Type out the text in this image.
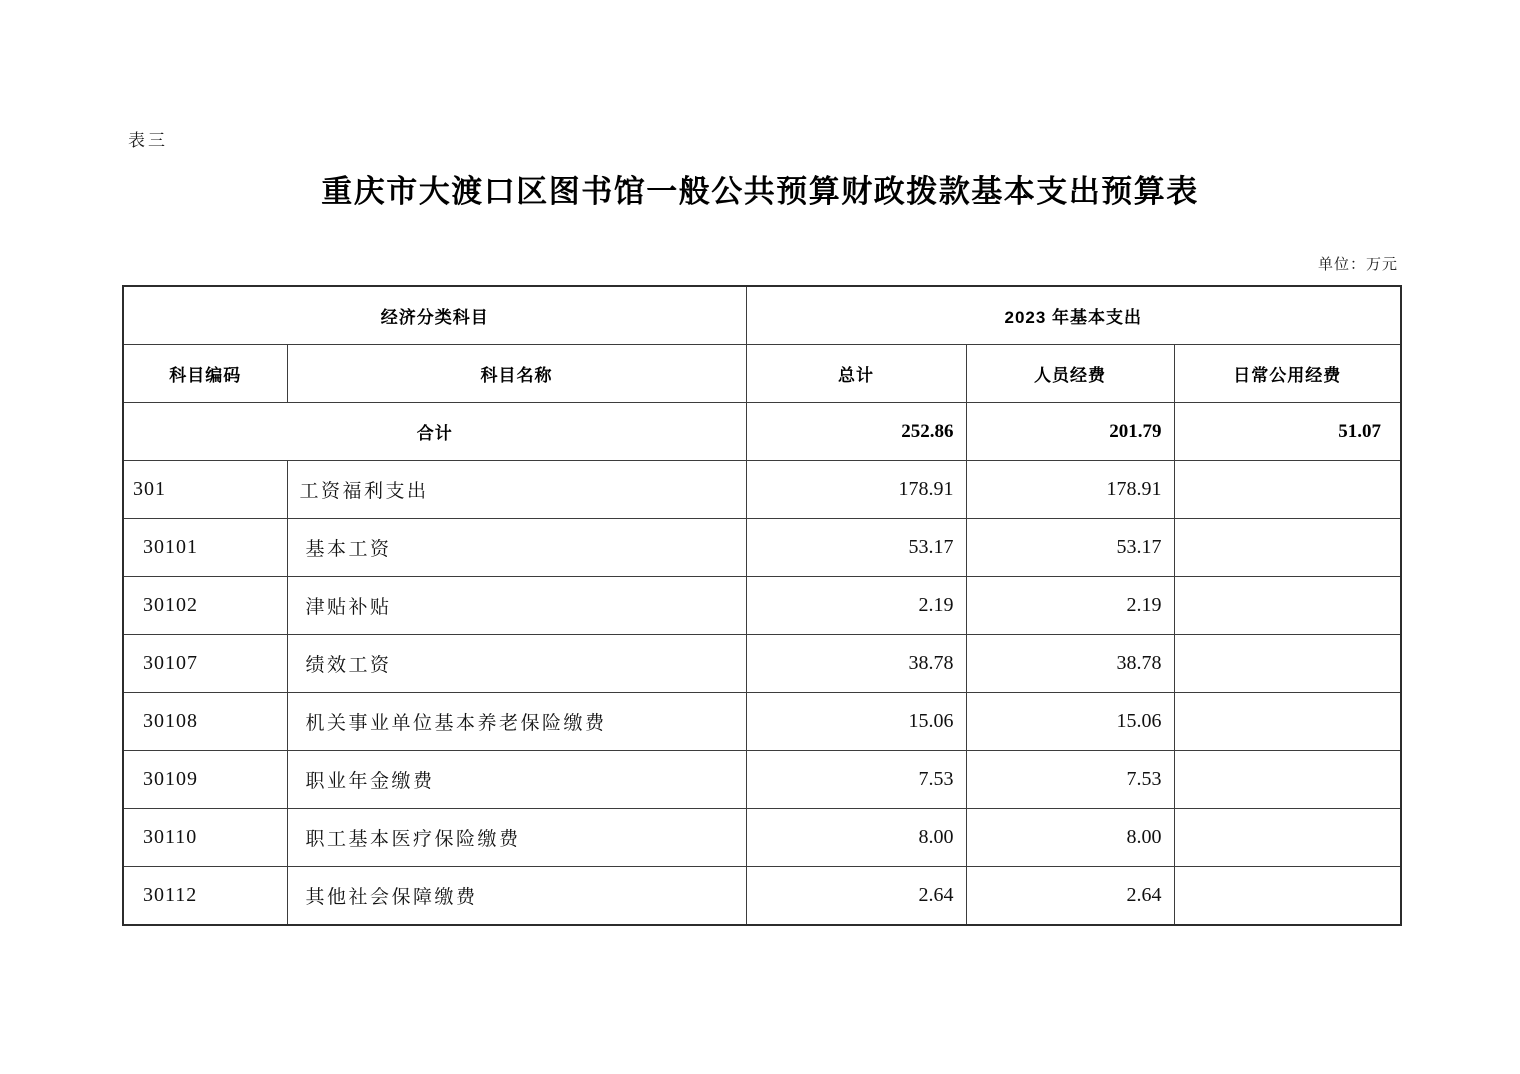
表三
重庆市大渡口区图书馆一般公共预算财政拨款基本支出预算表
单位：万元
经济分类科目		2023 年基本支出		
科目编码	科目名称	总计	人员经费	日常公用经费
合计		252.86	201.79	51.07
301	工资福利支出	178.91	178.91	
30101	基本工资	53.17	53.17	
30102	津贴补贴	2.19	2.19	
30107	绩效工资	38.78	38.78	
30108	机关事业单位基本养老保险缴费	15.06	15.06	
30109	职业年金缴费	7.53	7.53	
30110	职工基本医疗保险缴费	8.00	8.00	
30112	其他社会保障缴费	2.64	2.64	
